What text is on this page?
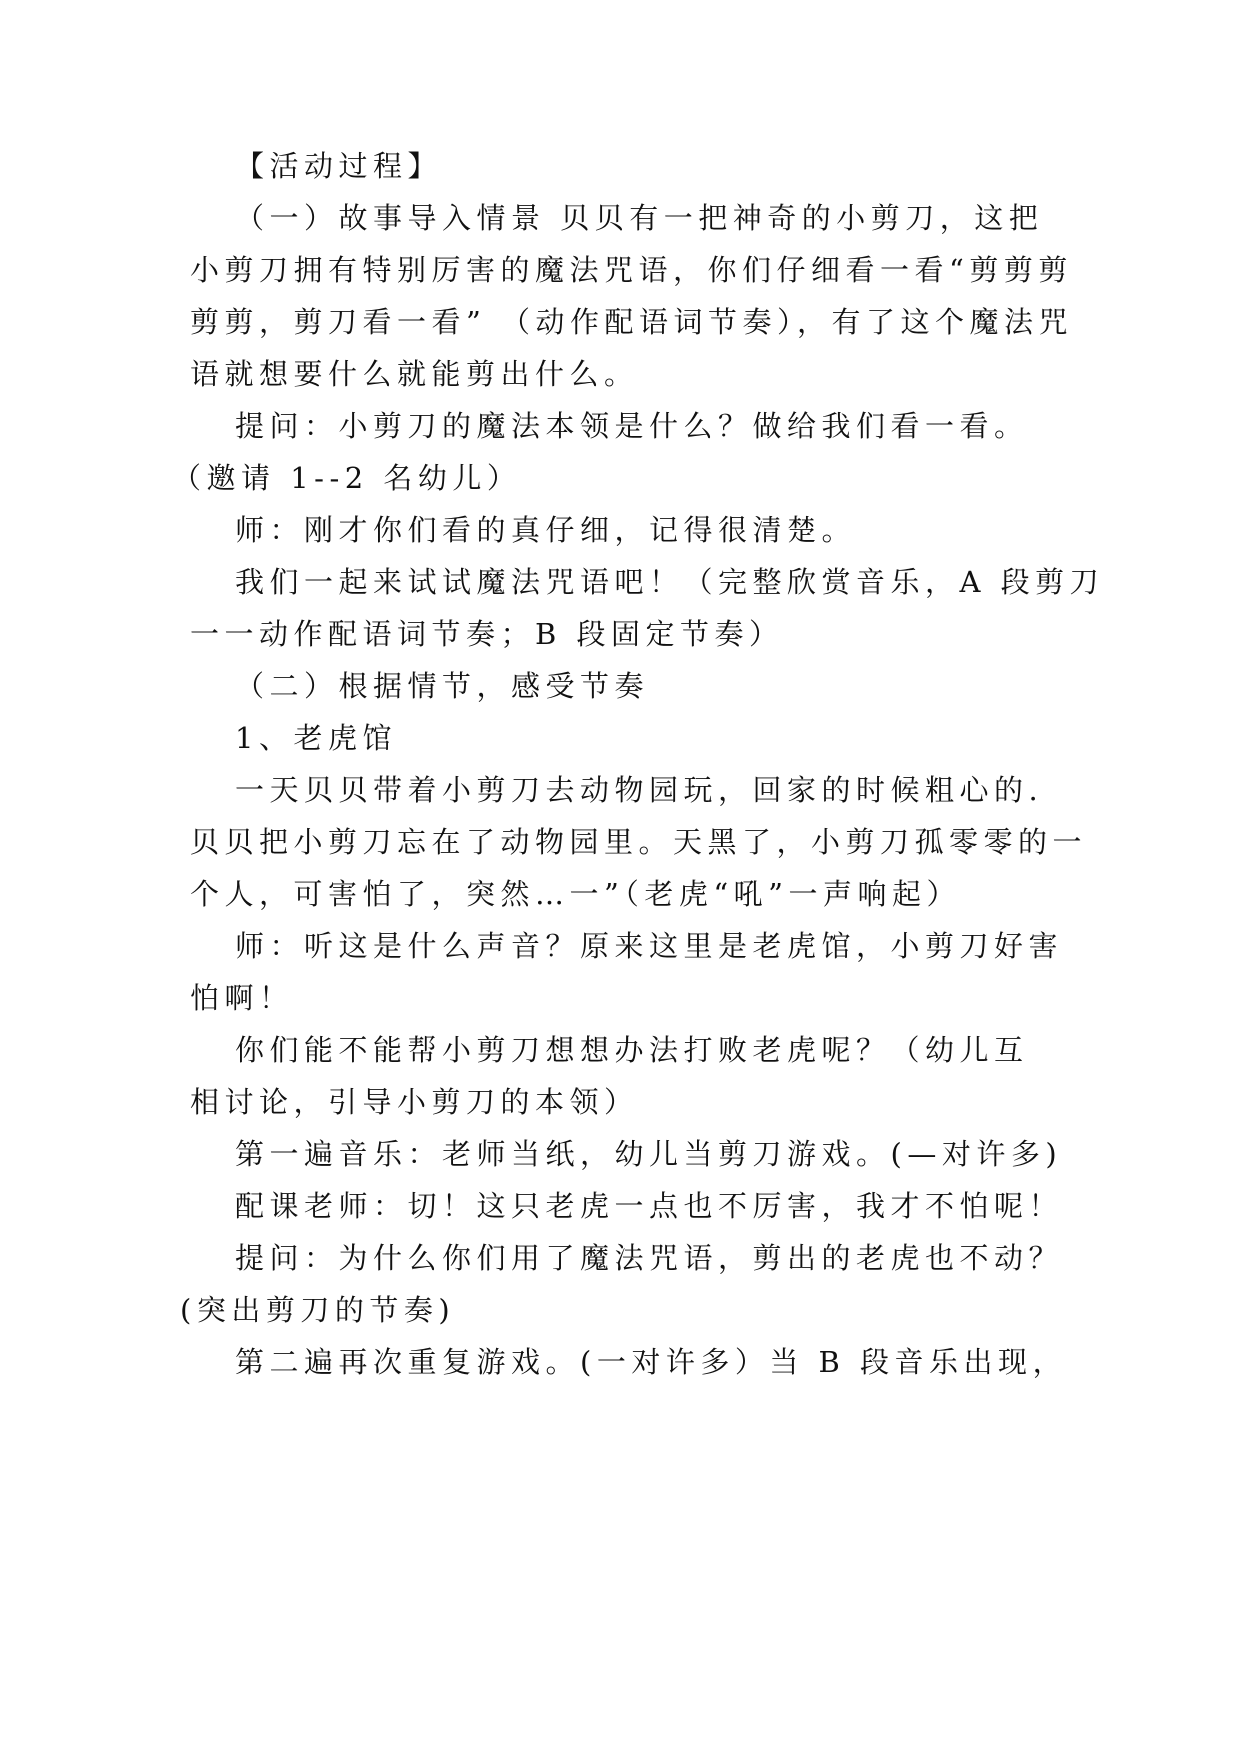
【活动过程】

（一）故事导入情景 贝贝有一把神奇的小剪刀，这把

小剪刀拥有特别厉害的魔法咒语，你们仔细看一看“剪剪剪

剪剪，剪刀看一看” （动作配语词节奏），有了这个魔法咒

语就想要什么就能剪出什么。

提问：小剪刀的魔法本领是什么？做给我们看一看。

（邀请 1--2 名幼儿）

师：刚才你们看的真仔细，记得很清楚。

我们一起来试试魔法咒语吧！（完整欣赏音乐，A 段剪刀

一一动作配语词节奏；B 段固定节奏）

（二）根据情节，感受节奏

1、老虎馆

一天贝贝带着小剪刀去动物园玩，回家的时候粗心的.

贝贝把小剪刀忘在了动物园里。天黑了，小剪刀孤零零的一

个人，可害怕了，突然…一”（老虎“吼”一声响起）

师：听这是什么声音？原来这里是老虎馆，小剪刀好害

怕啊！

你们能不能帮小剪刀想想办法打败老虎呢？（幼儿互

相讨论，引导小剪刀的本领）

第一遍音乐：老师当纸，幼儿当剪刀游戏。(—对许多)

配课老师：切！这只老虎一点也不厉害，我才不怕呢！

提问：为什么你们用了魔法咒语，剪出的老虎也不动？

(突出剪刀的节奏)

第二遍再次重复游戏。(一对许多）当 B 段音乐出现，
